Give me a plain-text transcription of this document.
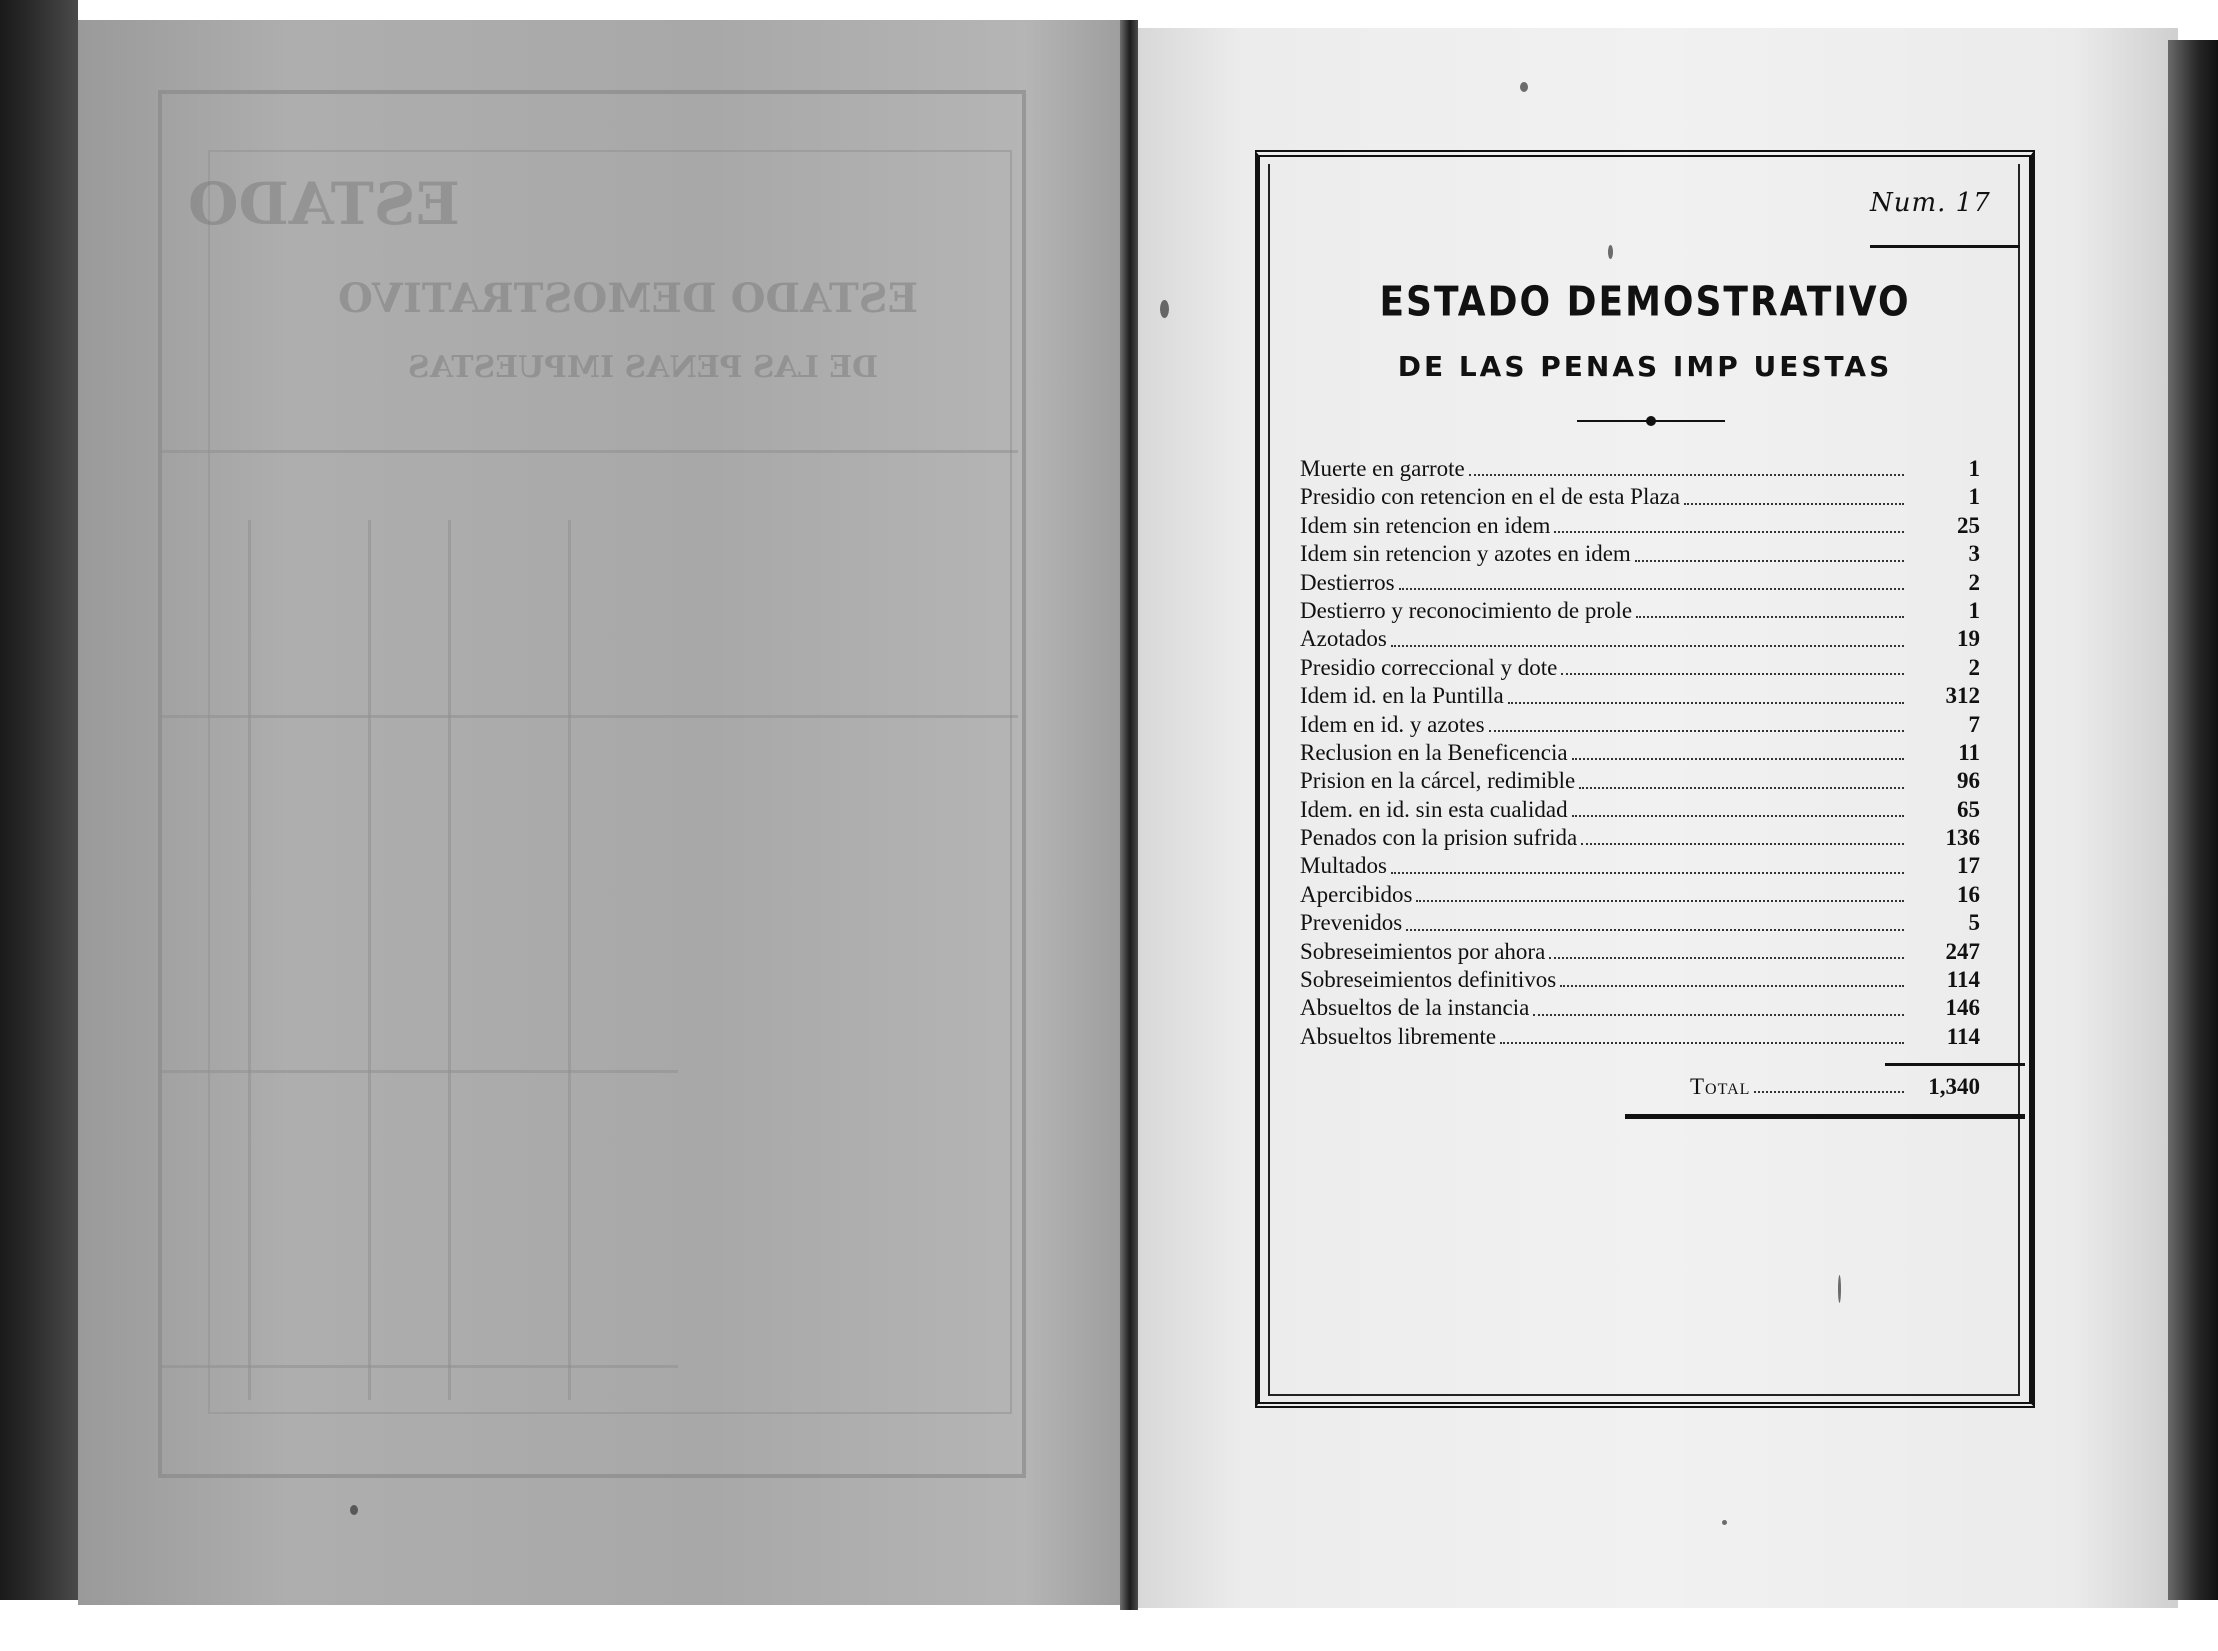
ESTADO
ESTADO DEMOSTRATIVO
DE LAS PENAS IMPUESTAS
Num. 17
ESTADO DEMOSTRATIVO
DE LAS PENAS IMP UESTAS
Muerte en garrote	1
Presidio con retencion en el de esta Plaza	1
Idem sin retencion en idem	25
Idem sin retencion y azotes en idem	3
Destierros	2
Destierro y reconocimiento de prole	1
Azotados	19
Presidio correccional y dote	2
Idem id. en la Puntilla	312
Idem en id. y azotes	7
Reclusion en la Beneficencia	11
Prision en la cárcel, redimible	96
Idem. en id. sin esta cualidad	65
Penados con la prision sufrida	136
Multados	17
Apercibidos	16
Prevenidos	5
Sobreseimientos por ahora	247
Sobreseimientos definitivos	114
Absueltos de la instancia	146
Absueltos libremente	114
Total	1,340
